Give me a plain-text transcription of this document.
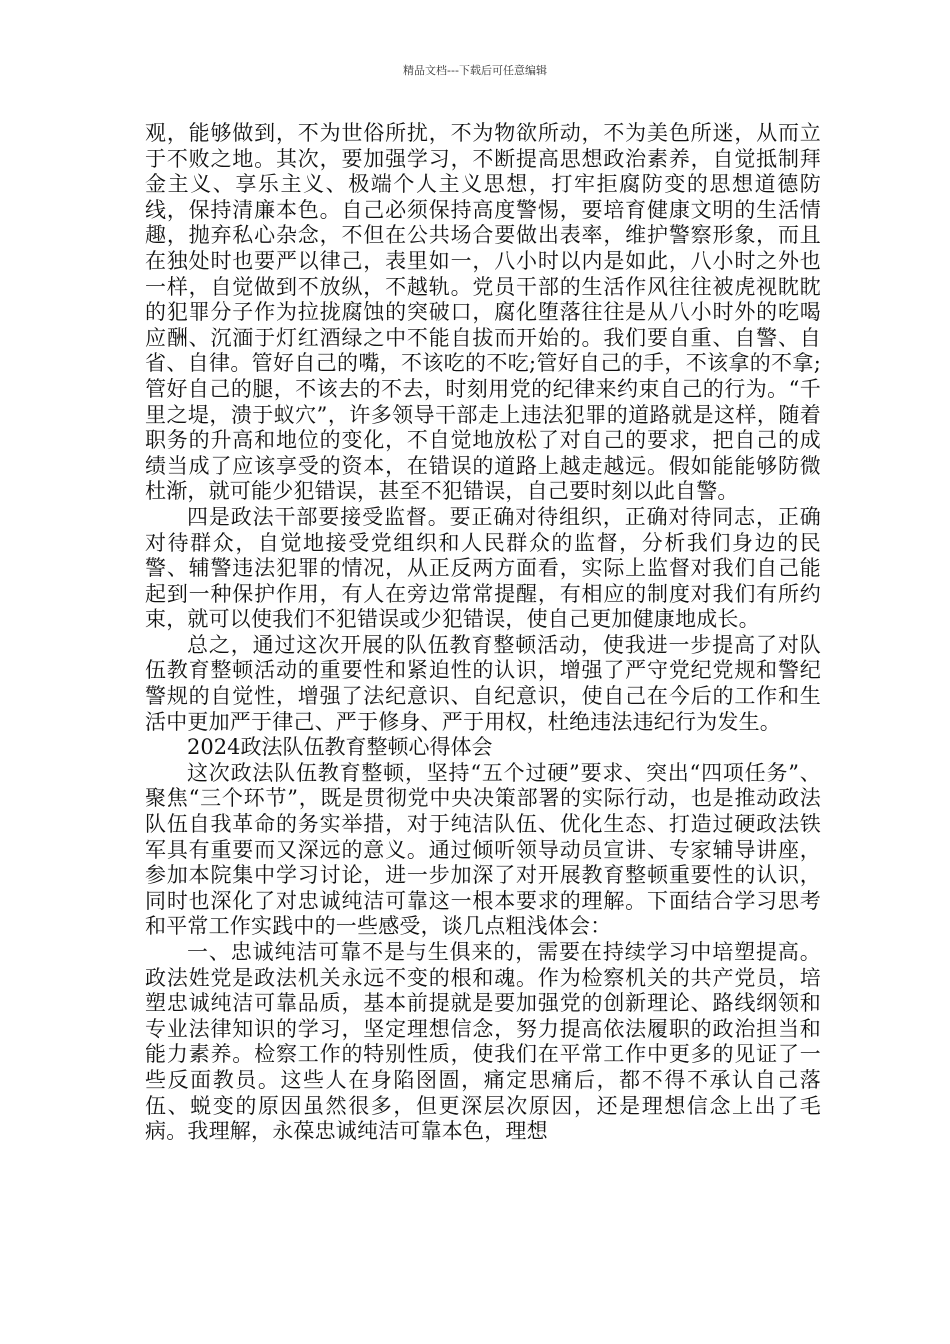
精品文档---下载后可任意编辑

观，能够做到，不为世俗所扰，不为物欲所动，不为美色所迷，从而立于不败之地。其次，要加强学习，不断提高思想政治素养，自觉抵制拜金主义、享乐主义、极端个人主义思想，打牢拒腐防变的思想道德防线，保持清廉本色。自己必须保持高度警惕，要培育健康文明的生活情趣，抛弃私心杂念，不但在公共场合要做出表率，维护警察形象，而且在独处时也要严以律己，表里如一，八小时以内是如此，八小时之外也一样，自觉做到不放纵，不越轨。党员干部的生活作风往往被虎视眈眈的犯罪分子作为拉拢腐蚀的突破口，腐化堕落往往是从八小时外的吃喝应酬、沉湎于灯红酒绿之中不能自拔而开始的。我们要自重、自警、自省、自律。管好自己的嘴，不该吃的不吃;管好自己的手，不该拿的不拿;管好自己的腿，不该去的不去，时刻用党的纪律来约束自己的行为。“千里之堤，溃于蚁穴”，许多领导干部走上违法犯罪的道路就是这样，随着职务的升高和地位的变化，不自觉地放松了对自己的要求，把自己的成绩当成了应该享受的资本，在错误的道路上越走越远。假如能能够防微杜渐，就可能少犯错误，甚至不犯错误，自己要时刻以此自警。

四是政法干部要接受监督。要正确对待组织，正确对待同志，正确对待群众，自觉地接受党组织和人民群众的监督，分析我们身边的民警、辅警违法犯罪的情况，从正反两方面看，实际上监督对我们自己能起到一种保护作用，有人在旁边常常提醒，有相应的制度对我们有所约束，就可以使我们不犯错误或少犯错误，使自己更加健康地成长。

总之，通过这次开展的队伍教育整顿活动，使我进一步提高了对队伍教育整顿活动的重要性和紧迫性的认识，增强了严守党纪党规和警纪警规的自觉性，增强了法纪意识、自纪意识，使自己在今后的工作和生活中更加严于律己、严于修身、严于用权，杜绝违法违纪行为发生。

2024政法队伍教育整顿心得体会

这次政法队伍教育整顿，坚持“五个过硬”要求、突出“四项任务”、聚焦“三个环节”，既是贯彻党中央决策部署的实际行动，也是推动政法队伍自我革命的务实举措，对于纯洁队伍、优化生态、打造过硬政法铁军具有重要而又深远的意义。通过倾听领导动员宣讲、专家辅导讲座，参加本院集中学习讨论，进一步加深了对开展教育整顿重要性的认识，同时也深化了对忠诚纯洁可靠这一根本要求的理解。下面结合学习思考和平常工作实践中的一些感受，谈几点粗浅体会：

一、忠诚纯洁可靠不是与生俱来的，需要在持续学习中培塑提高。政法姓党是政法机关永远不变的根和魂。作为检察机关的共产党员，培塑忠诚纯洁可靠品质，基本前提就是要加强党的创新理论、路线纲领和专业法律知识的学习，坚定理想信念，努力提高依法履职的政治担当和能力素养。检察工作的特别性质，使我们在平常工作中更多的见证了一些反面教员。这些人在身陷囹圄，痛定思痛后，都不得不承认自己落伍、蜕变的原因虽然很多，但更深层次原因，还是理想信念上出了毛病。我理解，永葆忠诚纯洁可靠本色，理想
